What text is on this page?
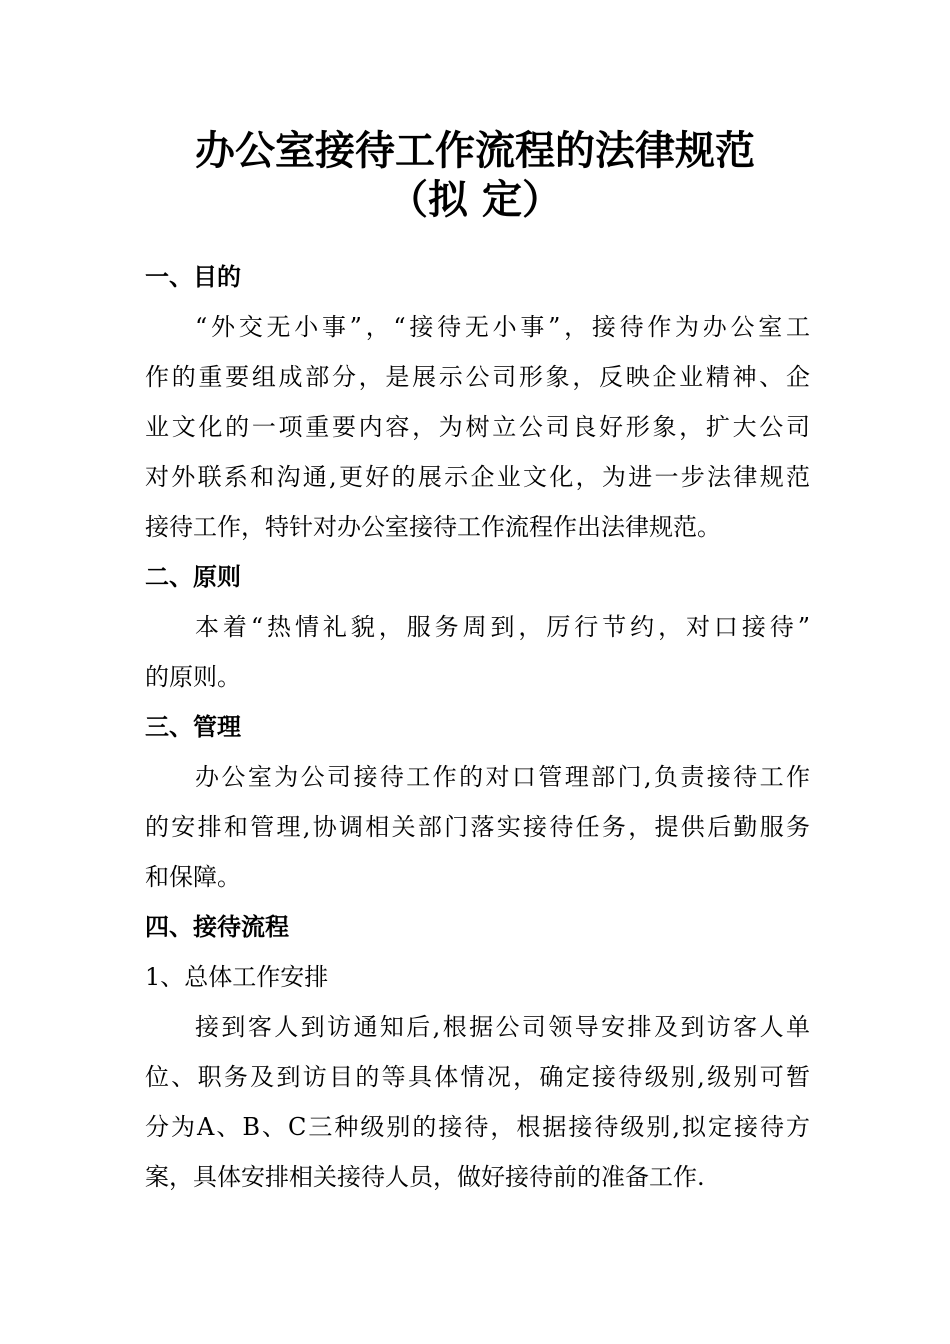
办公室接待工作流程的法律规范
（拟 定）
一、目的
“外交无小事”，“接待无小事”，接待作为办公室工
作的重要组成部分，是展示公司形象，反映企业精神、企
业文化的一项重要内容，为树立公司良好形象，扩大公司
对外联系和沟通,更好的展示企业文化，为进一步法律规范
接待工作，特针对办公室接待工作流程作出法律规范。
二、原则
本着“热情礼貌，服务周到，厉行节约，对口接待”
的原则。
三、管理
办公室为公司接待工作的对口管理部门,负责接待工作
的安排和管理,协调相关部门落实接待任务，提供后勤服务
和保障。
四、接待流程
1、总体工作安排
接到客人到访通知后,根据公司领导安排及到访客人单
位、职务及到访目的等具体情况，确定接待级别,级别可暂
分为A、B、C三种级别的接待，根据接待级别,拟定接待方
案，具体安排相关接待人员，做好接待前的准备工作.
